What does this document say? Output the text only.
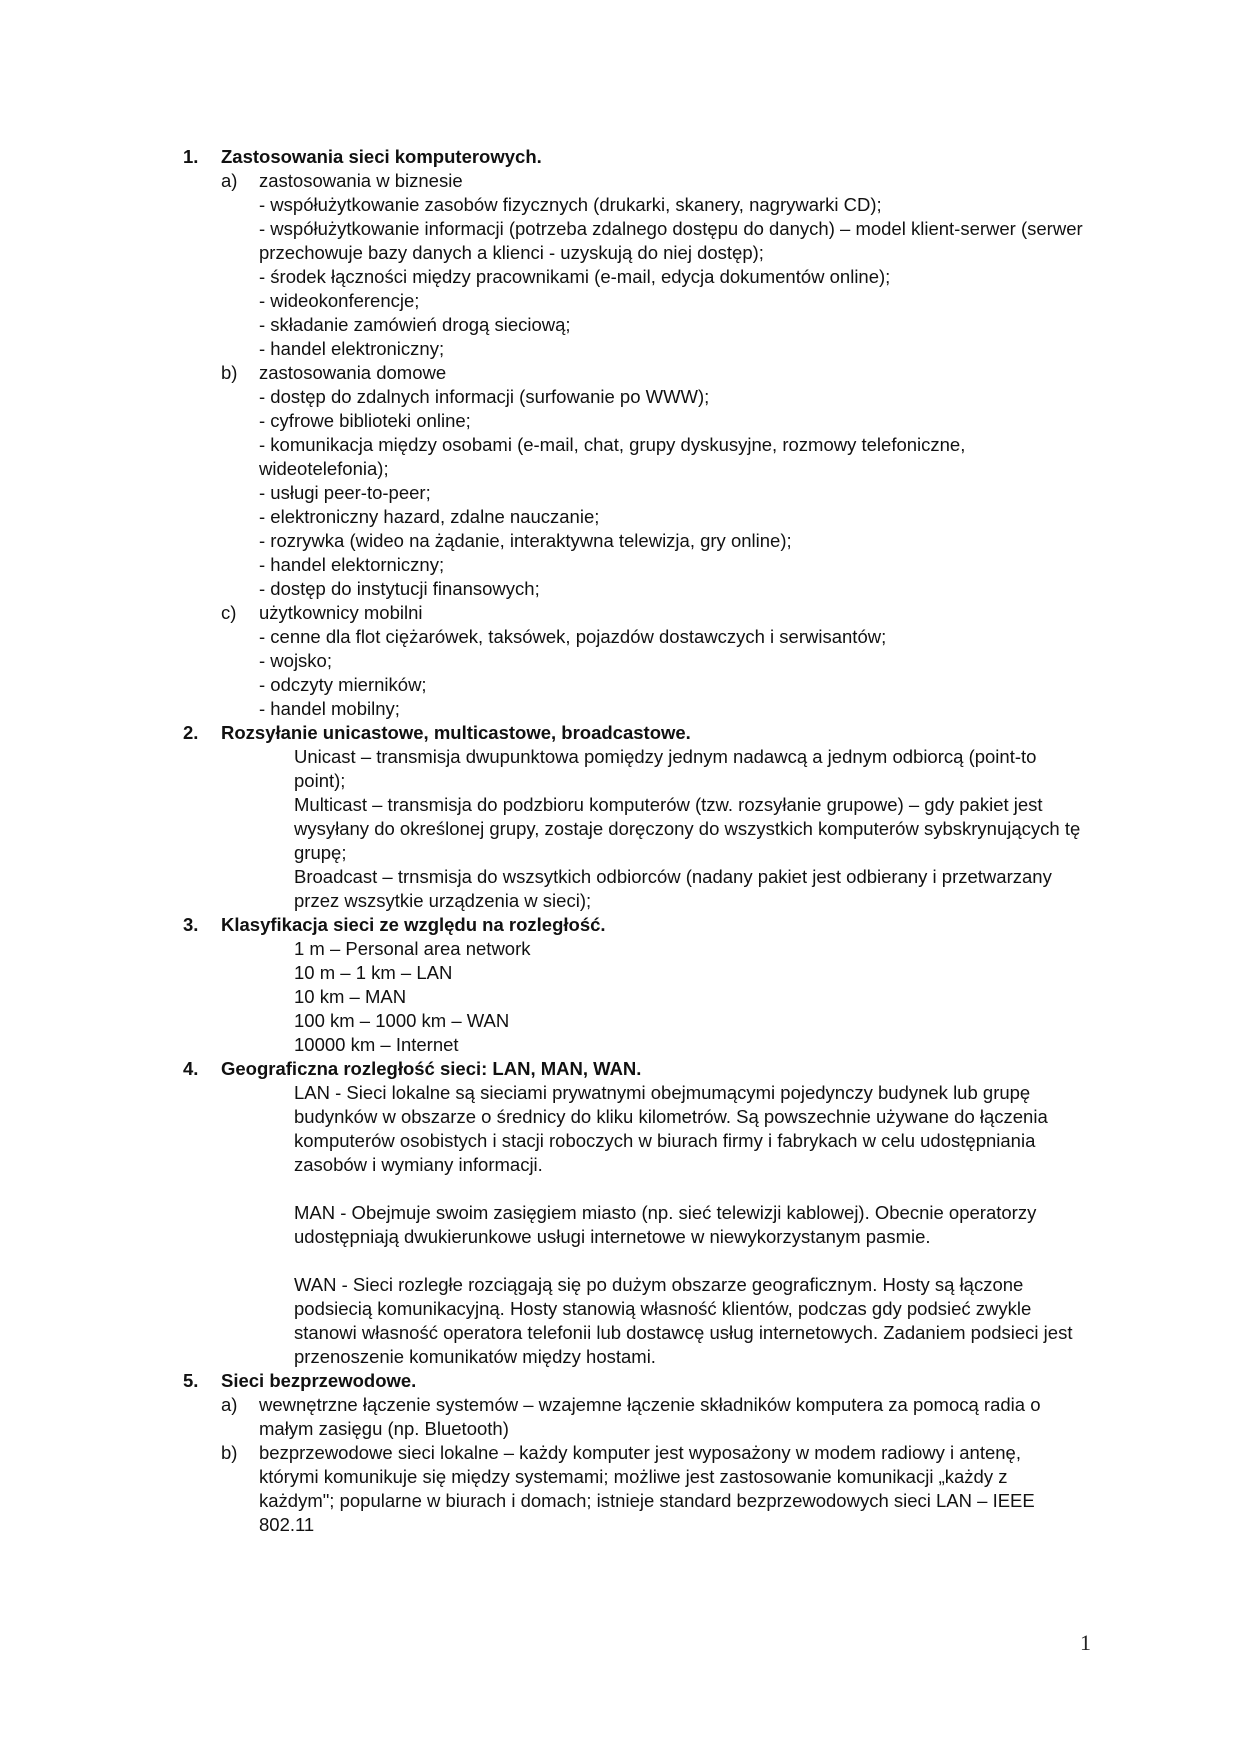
1. Zastosowania sieci komputerowych.
a) zastosowania w biznesie
- współużytkowanie zasobów fizycznych (drukarki, skanery, nagrywarki CD);
- współużytkowanie informacji (potrzeba zdalnego dostępu do danych) – model klient-serwer (serwer przechowuje bazy danych a klienci - uzyskują do niej dostęp);
- środek łączności między pracownikami (e-mail, edycja dokumentów online);
- wideokonferencje;
- składanie zamówień drogą sieciową;
- handel elektroniczny;
b) zastosowania domowe
- dostęp do zdalnych informacji (surfowanie po WWW);
- cyfrowe biblioteki online;
- komunikacja między osobami (e-mail, chat, grupy dyskusyjne, rozmowy telefoniczne, wideotelefonia);
- usługi peer-to-peer;
- elektroniczny hazard, zdalne nauczanie;
- rozrywka (wideo na żądanie, interaktywna telewizja, gry online);
- handel elektorniczny;
- dostęp do instytucji finansowych;
c) użytkownicy mobilni
- cenne dla flot ciężarówek, taksówek, pojazdów dostawczych i serwisantów;
- wojsko;
- odczyty mierników;
- handel mobilny;
2. Rozsyłanie unicastowe, multicastowe, broadcastowe.
Unicast – transmisja dwupunktowa pomiędzy jednym nadawcą a jednym odbiorcą (point-to point);
Multicast – transmisja do podzbioru komputerów (tzw. rozsyłanie grupowe) – gdy pakiet jest wysyłany do określonej grupy, zostaje doręczony do wszystkich komputerów sybskrynujących tę grupę;
Broadcast – trnsmisja do wszsytkich odbiorców (nadany pakiet jest odbierany i przetwarzany przez wszsytkie urządzenia w sieci);
3. Klasyfikacja sieci ze względu na rozległość.
1 m – Personal area network
10 m – 1 km – LAN
10 km – MAN
100 km – 1000 km – WAN
10000 km – Internet
4. Geograficzna rozległość sieci: LAN, MAN, WAN.
LAN - Sieci lokalne są sieciami prywatnymi obejmumącymi pojedynczy budynek lub grupę budynków w obszarze o średnicy do kliku kilometrów. Są powszechnie używane do łączenia komputerów osobistych i stacji roboczych w biurach firmy i fabrykach w celu udostępniania zasobów i wymiany informacji.
MAN - Obejmuje swoim zasięgiem miasto (np. sieć telewizji kablowej). Obecnie operatorzy udostępniają dwukierunkowe usługi internetowe w niewykorzystanym pasmie.
WAN - Sieci rozległe rozciągają się po dużym obszarze geograficznym. Hosty są łączone podsiecią komunikacyjną. Hosty stanowią własność klientów, podczas gdy podsieć zwykle stanowi własność operatora telefonii lub dostawcę usług internetowych. Zadaniem podsieci jest przenoszenie komunikatów między hostami.
5. Sieci bezprzewodowe.
a) wewnętrzne łączenie systemów – wzajemne łączenie składników komputera za pomocą radia o małym zasięgu (np. Bluetooth)
b) bezprzewodowe sieci lokalne – każdy komputer jest wyposażony w modem radiowy i antenę, którymi komunikuje się między systemami; możliwe jest zastosowanie komunikacji „każdy z każdym"; popularne w biurach i domach; istnieje standard bezprzewodowych sieci LAN – IEEE 802.11
1
